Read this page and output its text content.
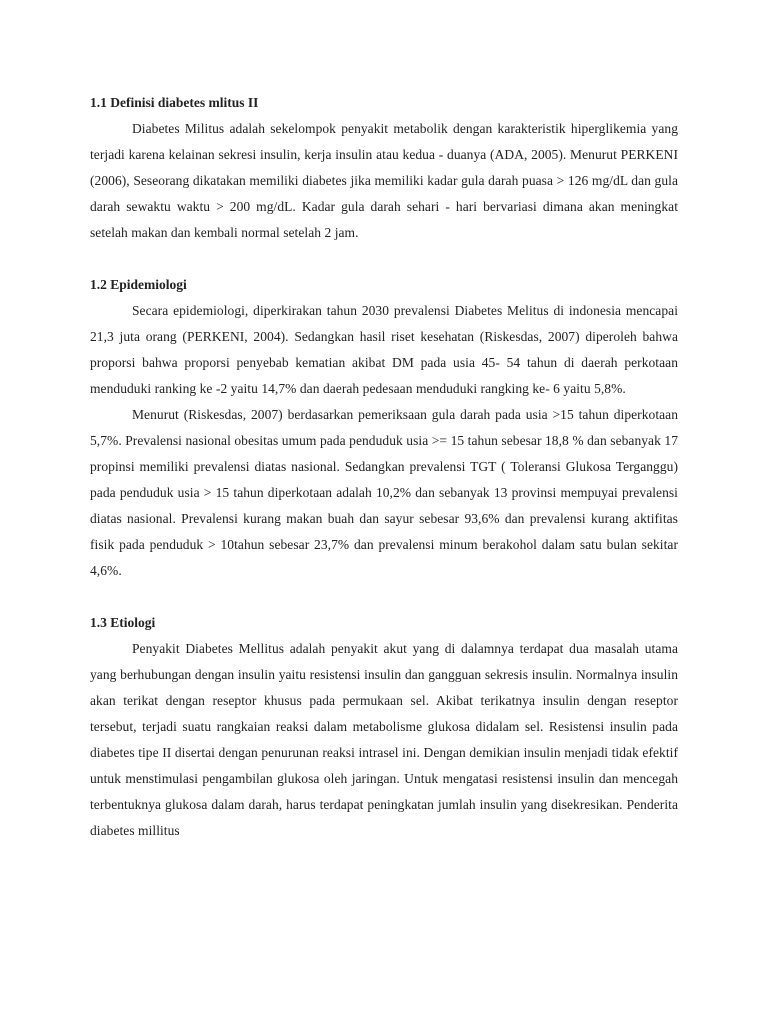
1.1 Definisi diabetes mlitus II

Diabetes Militus adalah sekelompok penyakit metabolik dengan karakteristik hiperglikemia yang terjadi karena kelainan sekresi insulin, kerja insulin atau kedua - duanya (ADA, 2005). Menurut PERKENI (2006), Seseorang dikatakan memiliki diabetes jika memiliki kadar gula darah puasa > 126 mg/dL dan gula darah sewaktu waktu > 200 mg/dL. Kadar gula darah sehari - hari bervariasi dimana akan meningkat setelah makan dan kembali normal setelah 2 jam.

1.2 Epidemiologi

Secara epidemiologi, diperkirakan tahun 2030 prevalensi Diabetes Melitus di indonesia mencapai 21,3 juta orang (PERKENI, 2004). Sedangkan hasil riset kesehatan (Riskesdas, 2007) diperoleh bahwa proporsi bahwa proporsi penyebab kematian akibat DM pada usia 45- 54 tahun di daerah perkotaan menduduki ranking ke -2 yaitu 14,7% dan daerah pedesaan menduduki rangking ke- 6 yaitu 5,8%.

Menurut (Riskesdas, 2007) berdasarkan pemeriksaan gula darah pada usia >15 tahun diperkotaan 5,7%. Prevalensi nasional obesitas umum pada penduduk usia >= 15 tahun sebesar 18,8 % dan sebanyak 17 propinsi memiliki prevalensi diatas nasional. Sedangkan prevalensi TGT ( Toleransi Glukosa Terganggu) pada penduduk usia > 15 tahun diperkotaan adalah 10,2% dan sebanyak 13 provinsi mempuyai prevalensi diatas nasional. Prevalensi kurang makan buah dan sayur sebesar 93,6% dan prevalensi kurang aktifitas fisik pada penduduk > 10tahun sebesar 23,7% dan prevalensi minum berakohol dalam satu bulan sekitar 4,6%.

1.3 Etiologi

Penyakit Diabetes Mellitus adalah penyakit akut yang di dalamnya terdapat dua masalah utama yang berhubungan dengan insulin yaitu resistensi insulin dan gangguan sekresis insulin. Normalnya insulin akan terikat dengan reseptor khusus pada permukaan sel. Akibat terikatnya insulin dengan reseptor tersebut, terjadi suatu rangkaian reaksi dalam metabolisme glukosa didalam sel. Resistensi insulin pada diabetes tipe II disertai dengan penurunan reaksi intrasel ini. Dengan demikian insulin menjadi tidak efektif untuk menstimulasi pengambilan glukosa oleh jaringan. Untuk mengatasi resistensi insulin dan mencegah terbentuknya glukosa dalam darah, harus terdapat peningkatan jumlah insulin yang disekresikan. Penderita diabetes millitus
